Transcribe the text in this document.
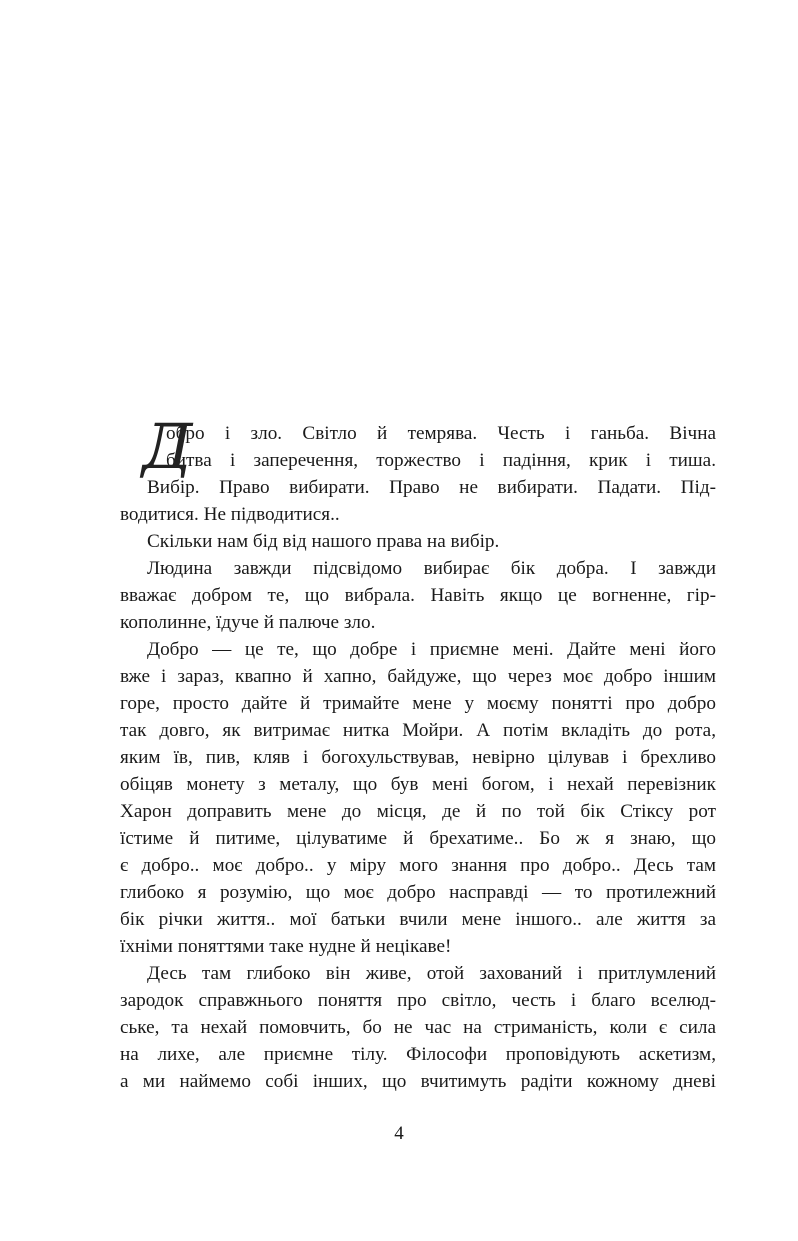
Д
обро і зло. Світло й темрява. Честь і ганьба. Вічна
битва і заперечення, торжество і падіння, крик і тиша.
Вибір. Право вибирати. Право не вибирати. Падати. Під-
водитися. Не підводитися..
Скільки нам бід від нашого права на вибір.
Людина завжди підсвідомо вибирає бік добра. І завжди
вважає добром те, що вибрала. Навіть якщо це вогненне, гір-
кополинне, їдуче й палюче зло.
Добро — це те, що добре і приємне мені. Дайте мені його
вже і зараз, квапно й хапно, байдуже, що через моє добро іншим
горе, просто дайте й тримайте мене у моєму понятті про добро
так довго, як витримає нитка Мойри. А потім вкладіть до рота,
яким їв, пив, кляв і богохульствував, невірно цілував і брехливо
обіцяв монету з металу, що був мені богом, і нехай перевізник
Харон доправить мене до місця, де й по той бік Стіксу рот
їстиме й питиме, цілуватиме й брехатиме.. Бо ж я знаю, що
є добро.. моє добро.. у міру мого знання про добро.. Десь там
глибоко я розумію, що моє добро насправді — то протилежний
бік річки життя.. мої батьки вчили мене іншого.. але життя за
їхніми поняттями таке нудне й нецікаве!
Десь там глибоко він живе, отой захований і притлумлений
зародок справжнього поняття про світло, честь і благо вселюд-
ське, та нехай помовчить, бо не час на стриманість, коли є сила
на лихе, але приємне тілу. Філософи проповідують аскетизм,
а ми наймемо собі інших, що вчитимуть радіти кожному дневі
4
